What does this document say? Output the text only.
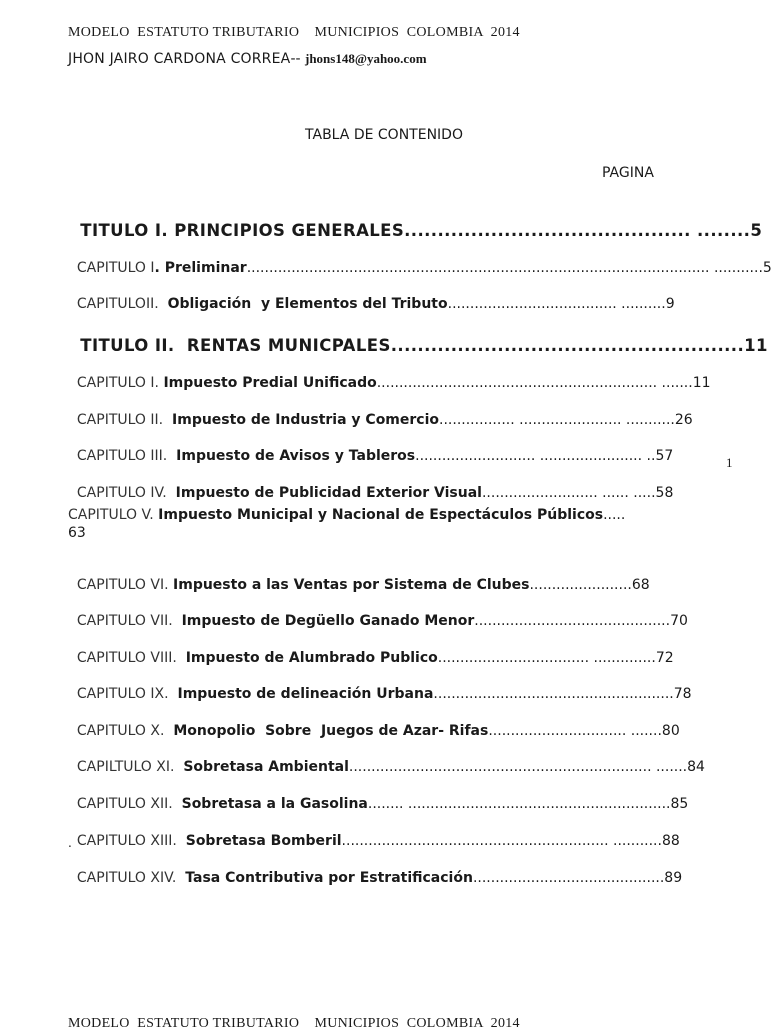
MODELO  ESTATUTO TRIBUTARIO    MUNICIPIOS  COLOMBIA  2014
JHON JAIRO CARDONA CORREA-- jhons148@yahoo.com
TABLA DE CONTENIDO
PAGINA

TITULO I. PRINCIPIOS GENERALES........................................... ........5

CAPITULO I. Preliminar........................................................................................................ ...........5

CAPITULOII.  Obligación  y Elementos del Tributo...................................... ..........9

TITULO II.  RENTAS MUNICPALES.....................................................11

CAPITULO I. Impuesto Predial Unificado............................................................... .......11

CAPITULO II.  Impuesto de Industria y Comercio................. ....................... ...........26

CAPITULO III.  Impuesto de Avisos y Tableros........................... ....................... ..57

CAPITULO IV.  Impuesto de Publicidad Exterior Visual.......................... ...... .....58

CAPITULO V. Impuesto Municipal y Nacional de Espectáculos Públicos.....
63

CAPITULO VI. Impuesto a las Ventas por Sistema de Clubes.......................68

CAPITULO VII.  Impuesto de Degüello Ganado Menor............................................70

CAPITULO VIII.  Impuesto de Alumbrado Publico.................................. ..............72

CAPITULO IX.  Impuesto de delineación Urbana......................................................78

CAPITULO X.  Monopolio  Sobre  Juegos de Azar- Rifas............................... .......80

CAPILTULO XI.  Sobretasa Ambiental.................................................................... .......84

CAPITULO XII.  Sobretasa a la Gasolina........ ...........................................................85

CAPITULO XIII.  Sobretasa Bomberil............................................................ ...........88

.

CAPITULO XIV.  Tasa Contributiva por Estratificación...........................................89

1
MODELO  ESTATUTO TRIBUTARIO    MUNICIPIOS  COLOMBIA  2014
